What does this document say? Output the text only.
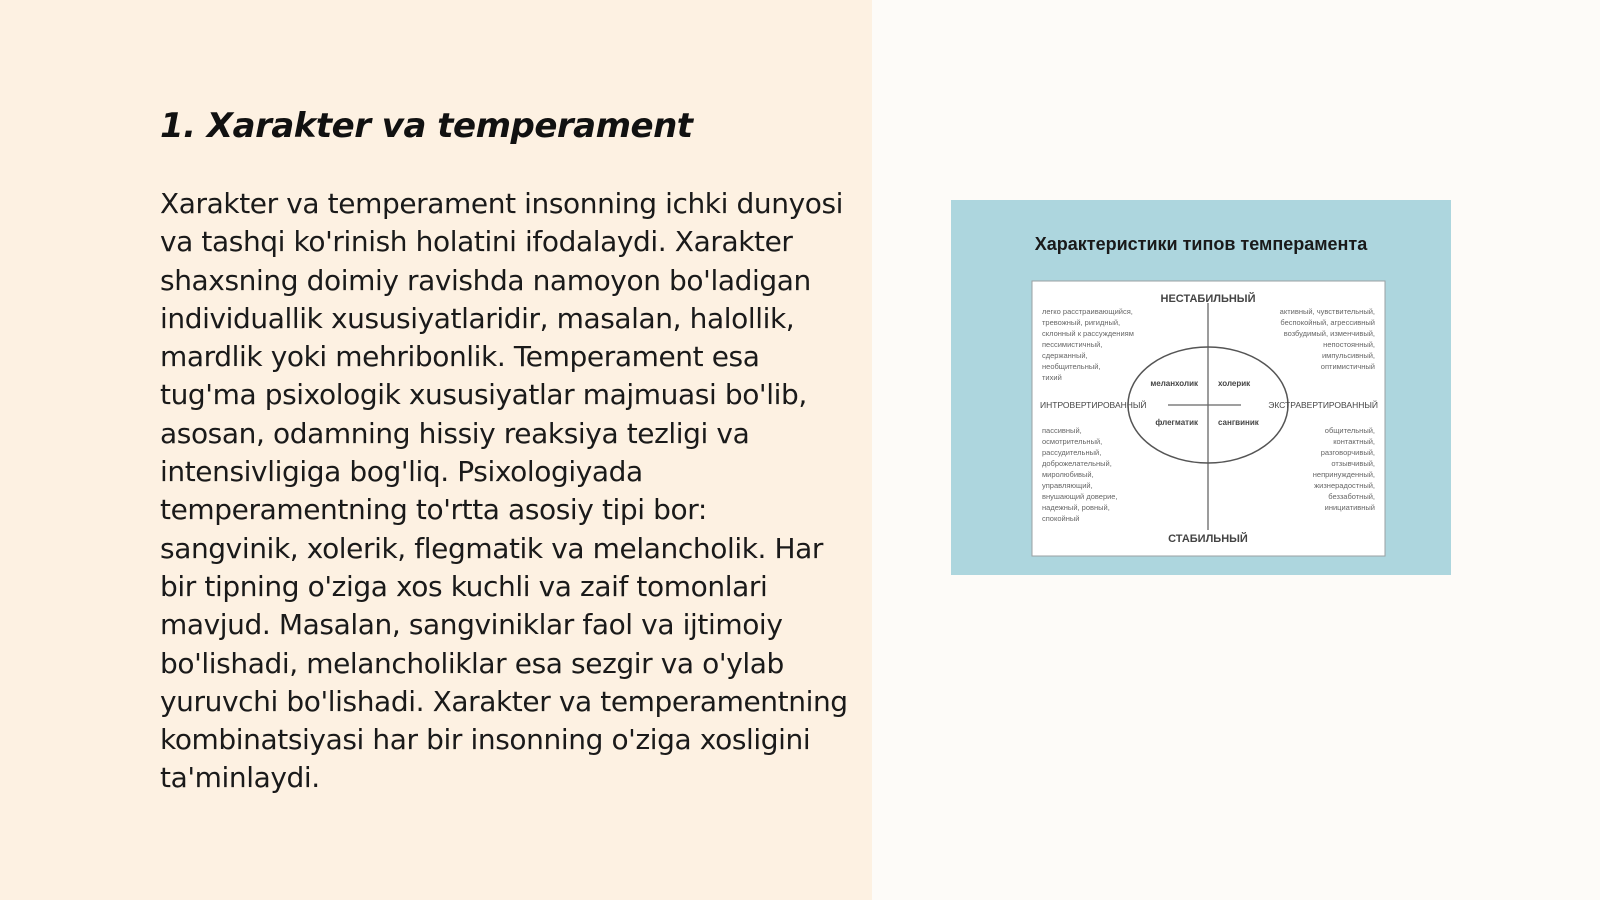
1. Xarakter va temperament

Xarakter va temperament insonning ichki dunyosi va tashqi ko'rinish holatini ifodalaydi. Xarakter shaxsning doimiy ravishda namoyon bo'ladigan individuallik xususiyatlaridir, masalan, halollik, mardlik yoki mehribonlik. Temperament esa tug'ma psixologik xususiyatlar majmuasi bo'lib, asosan, odamning hissiy reaksiya tezligi va intensivligiga bog'liq. Psixologiyada temperamentning to'rtta asosiy tipi bor: sangvinik, xolerik, flegmatik va melancholik. Har bir tipning o'ziga xos kuchli va zaif tomonlari mavjud. Masalan, sangviniklar faol va ijtimoiy bo'lishadi, melancholiklar esa sezgir va o'ylab yuruvchi bo'lishadi. Xarakter va temperamentning kombinatsiyasi har bir insonning o'ziga xosligini ta'minlaydi.

Характеристики типов темперамента
НЕСТАБИЛЬНЫЙ
СТАБИЛЬНЫЙ
ИНТРОВЕРТИРОВАННЫЙ	ЭКСТРАВЕРТИРОВАННЫЙ
меланхолик	холерик
флегматик	сангвиник
легко расстраивающийся,
тревожный, ригидный,
склонный к рассуждениям
пессимистичный,
сдержанный,
необщительный,
тихий
активный, чувствительный,
беспокойный, агрессивный
возбудимый, изменчивый,
непостоянный,
импульсивный,
оптимистичный
пассивный,
осмотрительный,
рассудительный,
доброжелательный,
миролюбивый,
управляющий,
внушающий доверие,
надежный, ровный,
спокойный
общительный,
контактный,
разговорчивый,
отзывчивый,
непринужденный,
жизнерадостный,
беззаботный,
инициативный
